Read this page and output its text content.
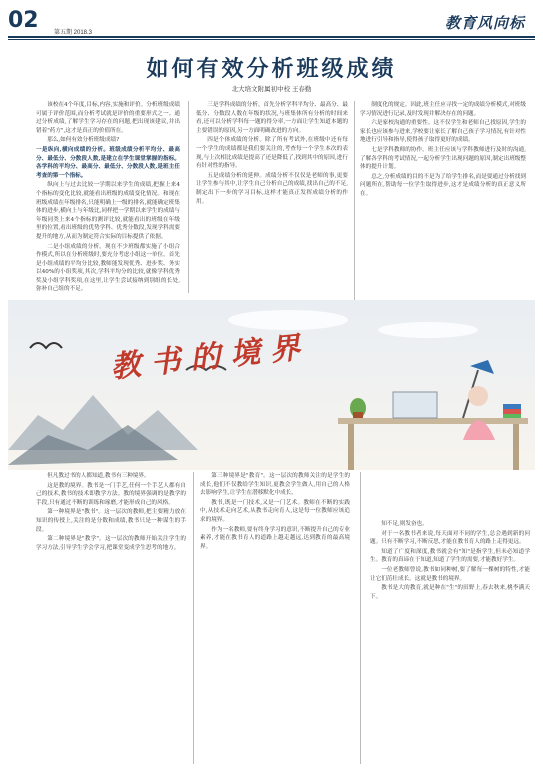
02	第五期 2018.3
教育风向标
如何有效分析班级成绩
北大培文附属初中校 王春勤

该校在4个年度,目标,内容,实施和评价。分析班级成绩可属于评价范围,而分析考试就是评价的重要形式之一。通过分析成绩,了解学生学习存在的问题,把出现该建议,并出错着"药方",这才是真正的价值所在。

那么,如何有效分析班级成绩?

一是纵向,横向成绩的分析。班级成绩分析平均分、最高分、最低分、分数段人数,是建立在学生课堂掌握的指标。各学科的平均分、最高分、最低分、分数段人数,是班主任考查的第一个指标。

纵向上与过去比较一学期以来学生的成绩,把握上来4个指标的变化比较,就能看出班级的成绩变化情况。和现在班级成绩在年级排名,只能明确上一级的排名,就能确定班集体的进步,横向上与年级比,同样把一学期以来学生的成绩与年级同类上来4个指标的测评比较,就能看出的班级在年级里的位置,看出班级的优势学科、优秀分数段,发现学科需要提升的地方,从而为制定符合实际的目标提供了依据。

二是小组成绩的分析。现在不少班级都实施了小组合作模式,所以在分析班级时,要充分考虑小组这一单位。首先是小组成绩的平均分比较,教师能发现优秀、进步奖、务实以40%的小组奖项,其次,学科平均分的比较,就像学科优秀奖及小组学科奖项,在这里,让学生尝试接纳到别组的长处,弥补自己组的不足。

三是学科成绩的分析。首先分析学科平均分、最高分、最低分、分数段人数在年级的状况,与班集体所有分析的时间来看,还可以分析学科每一题的得分率,一方面让学生知道本题的主要错误的原因,另一方面明确改进的方向。

四是个体成绩的分析。除了所有考试外,在班级中还有每一个学生的成绩都是我们要关注的,考查每一个学生本次的表现,与上次相比成绩是提高了还是降低了,找到其中的原因,进行有针对性的指导。

五是成绩分析的延伸。成绩分析不仅仅是老师的事,更要让学生参与其中,让学生自己分析自己的成绩,找出自己的不足,制定出下一步的学习目标,这样才能真正发挥成绩分析的作用。

制度化的规定。因此,班主任应寻找一定的成绩分析模式,对班级学习情况进行记录,及时发现并解决存在的问题。

六是家校沟通的重要性。这不仅学生和老师自己找原因,学生的家长也应该参与进来,学校要让家长了解自己孩子学习情况,有针对性地进行引导和指导,使得孩子取得更好的成绩。

七是学科教师的协作。班主任应该与学科教师进行及时的沟通,了解各学科的考试情况,一起分析学生出现问题的原因,制定出班级整体的提升计划。

总之,分析成绩的目的不是为了给学生排名,而是要通过分析找到问题所在,帮助每一位学生取得进步,这才是成绩分析的真正意义所在。

教书的境界

但凡教过书的人都知道,教书有三种境界。

这是教的境界。教书是一门手艺,任何一个手艺人都有自己的技术,教书的技术即教学方法。教的境界强调的是教学的手段,只有通过不断的训练和琢磨,才能形成自己的风格。

第一种境界是"教书"。这一层次的教师,把主要精力放在知识的传授上,关注的是分数和成绩,教书只是一种谋生的手段。

第二种境界是"教学"。这一层次的教师开始关注学生的学习方法,引导学生学会学习,把课堂变成学生思考的地方。

第三种境界是"教育"。这一层次的教师关注的是学生的成长,他们不仅教给学生知识,更教会学生做人,用自己的人格去影响学生,让学生在潜移默化中成长。

教书,既是一门技术,又是一门艺术。教师在不断的实践中,从技术走向艺术,从教书走向育人,这是每一位教师应该追求的境界。

作为一名教师,要有终身学习的意识,不断提升自己的专业素养,才能在教书育人的道路上越走越远,达到教育的最高境界。

知不足,则发奋也。

对于一名教书者来说,每天面对不同的学生,总会遇到新的问题。只有不断学习,不断反思,才能在教书育人的路上走得更远。

知道了广度和深度,教书就会有"知"是指学生,但未必知道学生。教育的真谛在于知道,知道了学生的需要,才能教好学生。

一位老教师曾说,教书如同种树,要了解每一棵树的特性,才能让它们茁壮成长。这就是教书的境界。

教书是大的教育,就是种在"生"的田野上,春去秋来,桃李满天下。
